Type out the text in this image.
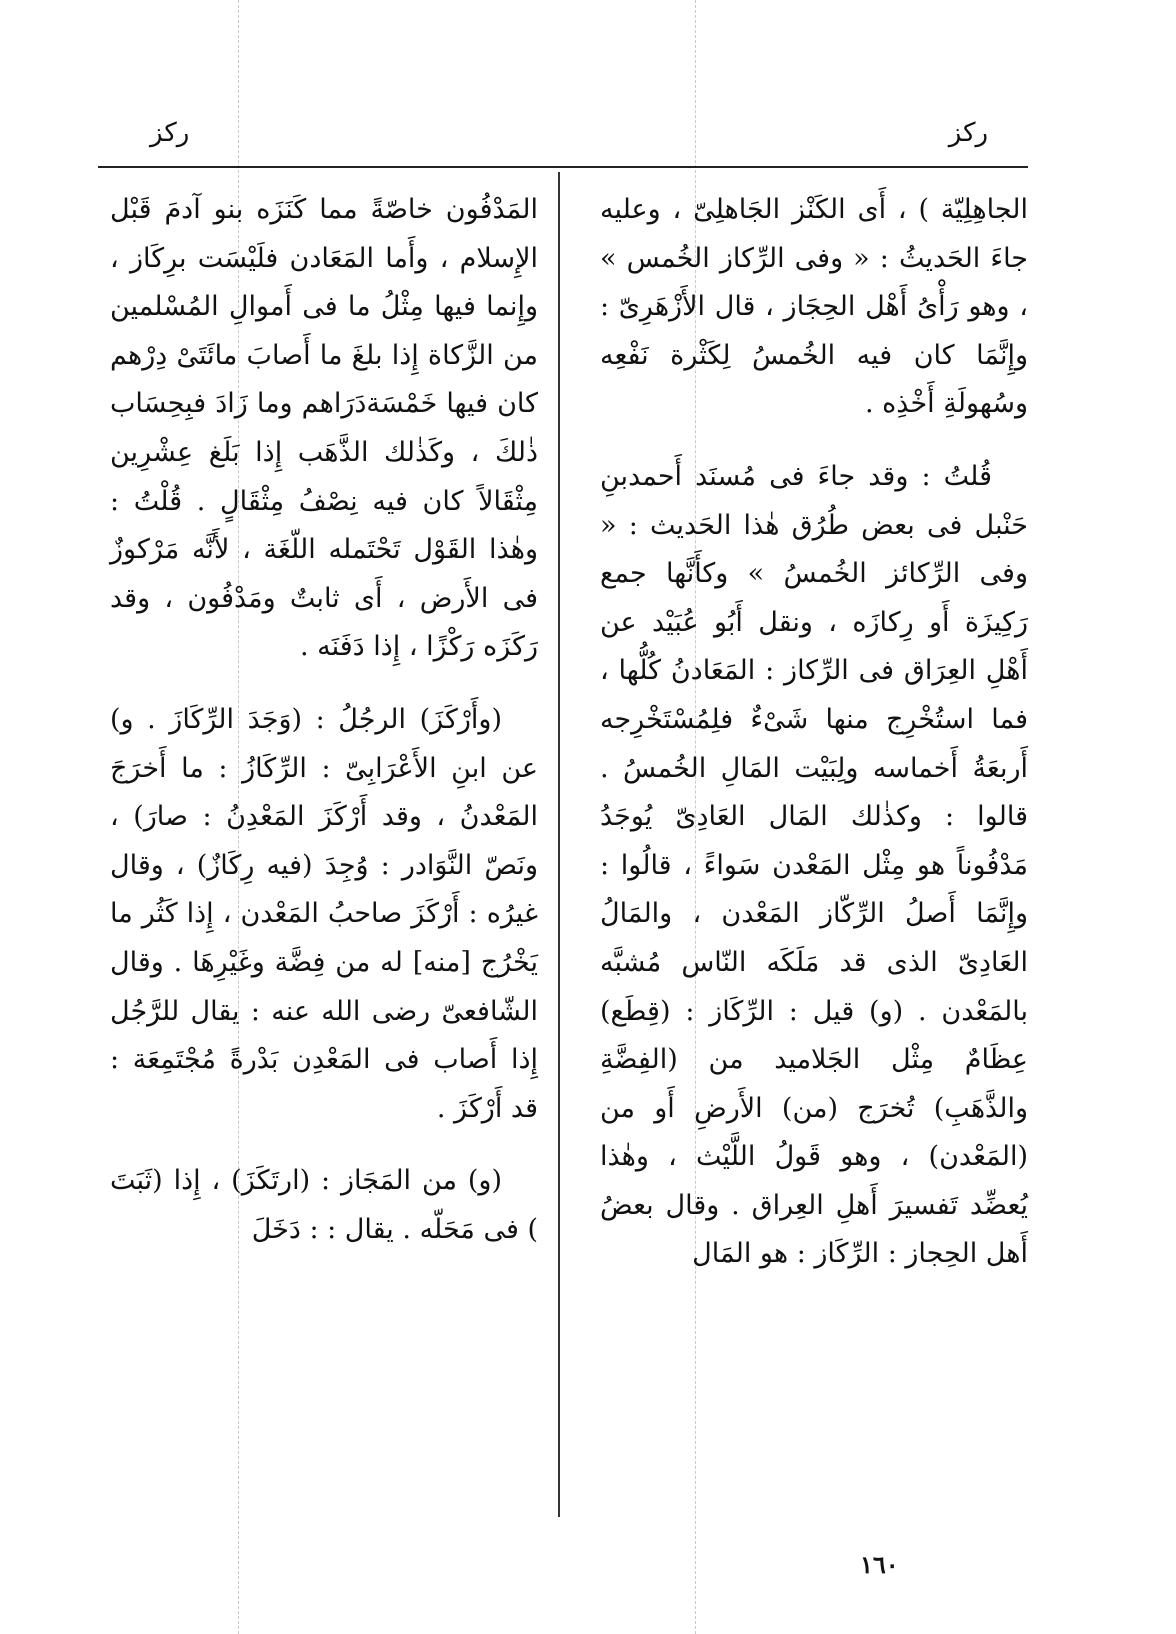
ركز
ركز

الجاهِلِيّة ) ، أَى الكَنْز الجَاهلِىّ ، وعليه جاءَ الحَديثُ : « وفى الرِّكاز الخُمس » ، وهو رَأْىُ أَهْل الحِجَاز ، قال الأَزْهَرِىّ : وإِنَّمَا كان فيه الخُمسُ لِكَثْرة نَفْعِه وسُهولَةِ أَخْذِه .

قُلتُ : وقد جاءَ فى مُسنَد أَحمدبنِ حَنْبل فى بعض طُرُق هٰذا الحَديث : « وفى الرِّكائز الخُمسُ » وكأَنَّها جمع رَكِيزَة أَو رِكازَه ، ونقل أَبُو عُبَيْد عن أَهْلِ العِرَاق فى الرِّكاز : المَعَادنُ كُلُّها ، فما استُخْرِج منها شَىْءٌ فلِمُسْتَخْرِجه أَربعَةُ أَخماسه ولِبَيْت المَالِ الخُمسُ . قالوا : وكذٰلك المَال العَادِىّ يُوجَدُ مَدْفُوناً هو مِثْل المَعْدن سَواءً ، قالُوا : وإِنَّمَا أَصلُ الرِّكّاز المَعْدن ، والمَالُ العَادِىّ الذى قد مَلَكَه النّاس مُشبَّه بالمَعْدن . (و) قيل : الرِّكَاز : (قِطَع) عِظَامٌ مِثْل الجَلاميد من (الفِضَّةِ والذَّهَبِ) تُخرَج (من) الأَرضِ أَو من (المَعْدن) ، وهو قَولُ اللَّيْث ، وهٰذا يُعضِّد تَفسيرَ أَهلِ العِراق . وقال بعضُ أَهل الحِجاز : الرِّكَاز : هو المَال

المَدْفُون خاصّةً مما كَنَزَه بنو آدمَ قَبْل الإِسلام ، وأَما المَعَادن فلَيْسَت برِكَاز ، وإِنما فيها مِثْلُ ما فى أَموالِ المُسْلمين من الزَّكاة إِذا بلغَ ما أَصابَ مائَتَىْ دِرْهم كان فيها خَمْسَةدَرَاهم وما زَادَ فبِحِسَاب ذٰلكَ ، وكَذٰلك الذَّهَب إِذا بَلَغ عِشْرِين مِثْقَالاً كان فيه نِصْفُ مِثْقَالٍ . قُلْتُ : وهٰذا القَوْل تَحْتَمله اللّغَة ، لأَنَّه مَرْكوزٌ فى الأَرض ، أَى ثابتٌ ومَدْفُون ، وقد رَكَزَه رَكْزًا ، إِذا دَفَنَه .

(وأَرْكَزَ) الرجُلُ : (وَجَدَ الرِّكَازَ . و) عن ابنِ الأَعْرَابِىّ : الرِّكَازُ : ما أَخرَجَ المَعْدنُ ، وقد أَرْكَزَ المَعْدِنُ : صارَ) ، ونَصّ النَّوَادر : وُجِدَ (فيه رِكَازٌ) ، وقال غيرُه : أَرْكَزَ صاحبُ المَعْدن ، إِذا كَثُر ما يَخْرُج [منه] له من فِضَّة وغَيْرِهَا . وقال الشّافعىّ رضى الله عنه : يقال للرَّجُل إِذا أَصاب فى المَعْدِن بَدْرةً مُجْتَمِعَة : قد أَرْكَزَ .

(و) من المَجَاز : (ارتَكَزَ) ، إِذا (ثَبَتَ ) فى مَحَلّه . يقال : : دَخَلَ

١٦٠
